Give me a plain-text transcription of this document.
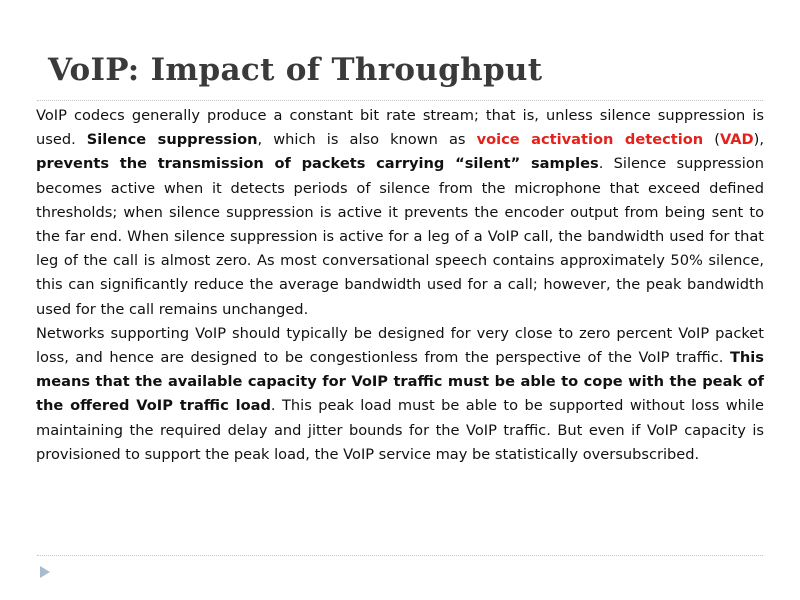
VoIP: Impact of Throughput

VoIP codecs generally produce a constant bit rate stream; that is, unless silence suppression is used. Silence suppression, which is also known as voice activation detection (VAD), prevents the transmission of packets carrying “silent” samples. Silence suppression becomes active when it detects periods of silence from the microphone that exceed defined thresholds; when silence suppression is active it prevents the encoder output from being sent to the far end. When silence suppression is active for a leg of a VoIP call, the bandwidth used for that leg of the call is almost zero. As most conversational speech contains approximately 50% silence, this can significantly reduce the average bandwidth used for a call; however, the peak bandwidth used for the call remains unchanged.

Networks supporting VoIP should typically be designed for very close to zero percent VoIP packet loss, and hence are designed to be congestionless from the perspective of the VoIP traffic. This means that the available capacity for VoIP traffic must be able to cope with the peak of the offered VoIP traffic load. This peak load must be able to be supported without loss while maintaining the required delay and jitter bounds for the VoIP traffic. But even if VoIP capacity is provisioned to support the peak load, the VoIP service may be statistically oversubscribed.
